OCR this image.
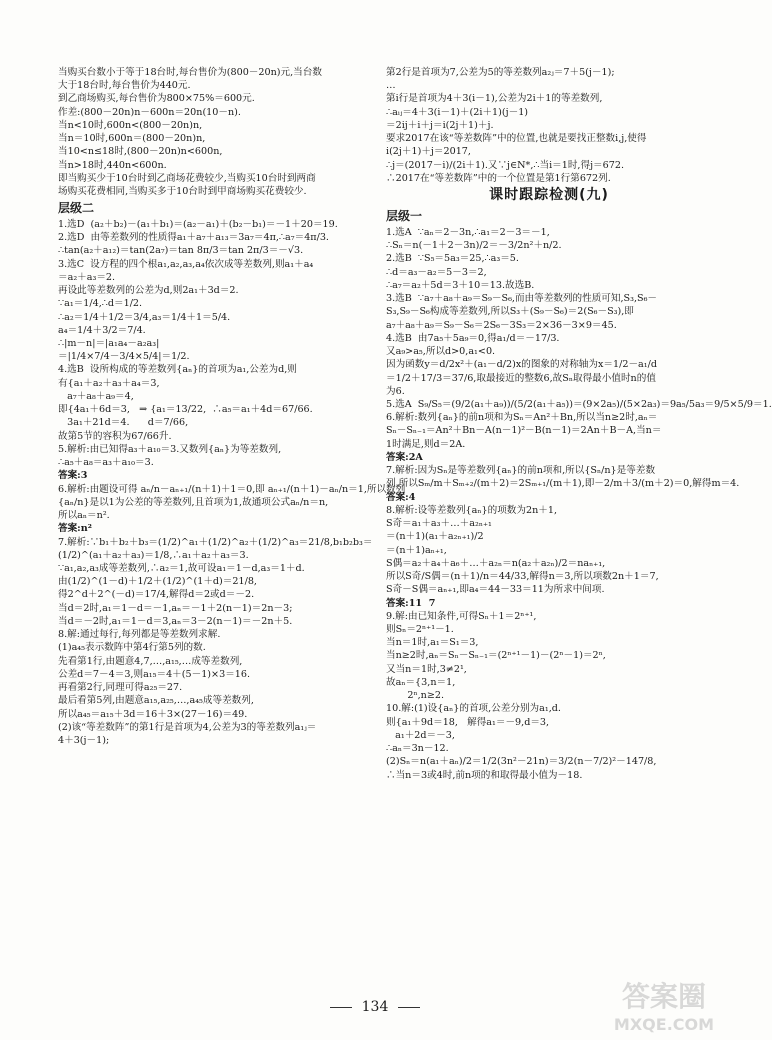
当购买台数小于等于18台时,每台售价为(800－20n)元,当台数
大于18台时,每台售价为440元.
到乙商场购买,每台售价为800×75%＝600元.
作差:(800－20n)n－600n＝20n(10－n).
当n<10时,600n<(800－20n)n,
当n＝10时,600n＝(800－20n)n,
当10<n≤18时,(800－20n)n<600n,
当n>18时,440n<600n.
即当购买少于10台时到乙商场花费较少,当购买10台时到两商
场购买花费相同,当购买多于10台时到甲商场购买花费较少.
层级二
1.选D  (a₂＋b₂)－(a₁＋b₁)＝(a₂－a₁)＋(b₂－b₁)＝－1＋20＝19.
2.选D  由等差数列的性质得a₁＋a₇＋a₁₃＝3a₇＝4π,∴a₇＝4π/3.
∴tan(a₂＋a₁₂)＝tan(2a₇)＝tan 8π/3＝tan 2π/3＝－√3.
3.选C  设方程的四个根a₁,a₂,a₃,a₄依次成等差数列,则a₁＋a₄
＝a₂＋a₃＝2.
再设此等差数列的公差为d,则2a₁＋3d＝2.
∵a₁＝1/4,∴d＝1/2.
∴a₂＝1/4＋1/2＝3/4,a₃＝1/4＋1＝5/4.
a₄＝1/4＋3/2＝7/4.
∴|m－n|＝|a₁a₄－a₂a₃|
＝|1/4×7/4－3/4×5/4|＝1/2.
4.选B  设所构成的等差数列{aₙ}的首项为a₁,公差为d,则
有{a₁＋a₂＋a₃＋a₄＝3,
a₇＋a₈＋a₉＝4,
即{4a₁＋6d＝3,   ⇒ {a₁＝13/22,  ∴a₅＝a₁＋4d＝67/66.
3a₁＋21d＝4.      d＝7/66,
故第5节的容积为67/66升.
5.解析:由已知得a₃＋a₁₀＝3.又数列{aₙ}为等差数列,
∴a₅＋a₈＝a₃＋a₁₀＝3.
答案:3
6.解析:由题设可得 aₙ/n－aₙ₊₁/(n＋1)＋1＝0,即 aₙ₊₁/(n＋1)－aₙ/n＝1,所以数列
{aₙ/n}是以1为公差的等差数列,且首项为1,故通项公式aₙ/n＝n,
所以aₙ＝n².
答案:n²
7.解析:∵b₁＋b₂＋b₃＝(1/2)^a₁＋(1/2)^a₂＋(1/2)^a₃＝21/8,b₁b₂b₃＝
(1/2)^(a₁＋a₂＋a₃)＝1/8,∴a₁＋a₂＋a₃＝3.
∵a₁,a₂,a₃成等差数列,∴a₂＝1,故可设a₁＝1－d,a₃＝1＋d.
由(1/2)^(1－d)＋1/2＋(1/2)^(1＋d)＝21/8,
得2^d＋2^(－d)＝17/4,解得d＝2或d＝－2.
当d＝2时,a₁＝1－d＝－1,aₙ＝－1＋2(n－1)＝2n－3;
当d＝－2时,a₁＝1－d＝3,aₙ＝3－2(n－1)＝－2n＋5.
8.解:通过每行,每列都是等差数列求解.
(1)a₄₅表示数阵中第4行第5列的数.
先看第1行,由题意4,7,…,a₁₅,…成等差数列,
公差d＝7－4＝3,则a₁₅＝4＋(5－1)×3＝16.
再看第2行,同理可得a₂₅＝27.
最后看第5列,由题意a₁₅,a₂₅,…,a₄₅成等差数列,
所以a₄₅＝a₁₅＋3d＝16＋3×(27－16)＝49.
(2)该“等差数阵”的第1行是首项为4,公差为3的等差数列a₁ⱼ＝
4＋3(j－1);
第2行是首项为7,公差为5的等差数列a₂ⱼ＝7＋5(j－1);
…
第i行是首项为4＋3(i－1),公差为2i＋1的等差数列,
∴aᵢⱼ＝4＋3(i－1)＋(2i＋1)(j－1)
＝2ij＋i＋j＝i(2j＋1)＋j.
要求2017在该“等差数阵”中的位置,也就是要找正整数i,j,使得
i(2j＋1)＋j＝2017,
∴j＝(2017－i)/(2i＋1).又∵j∈N*,∴当i＝1时,得j＝672.
∴2017在“等差数阵”中的一个位置是第1行第672列.
课时跟踪检测(九)
层级一
1.选A  ∵aₙ＝2－3n,∴a₁＝2－3＝－1,
∴Sₙ＝n(－1＋2－3n)/2＝－3/2n²＋n/2.
2.选B  ∵S₅＝5a₃＝25,∴a₃＝5.
∴d＝a₃－a₂＝5－3＝2,
∴a₇＝a₂＋5d＝3＋10＝13.故选B.
3.选B  ∵a₇＋a₈＋a₉＝S₉－S₆,而由等差数列的性质可知,S₃,S₆－
S₃,S₉－S₆构成等差数列,所以S₃＋(S₉－S₆)＝2(S₆－S₃),即
a₇＋a₈＋a₉＝S₉－S₆＝2S₆－3S₃＝2×36－3×9＝45.
4.选B  由7a₅＋5a₉＝0,得a₁/d＝－17/3.
又a₉>a₅,所以d>0,a₁<0.
因为函数y＝d/2x²＋(a₁－d/2)x的图象的对称轴为x＝1/2－a₁/d
＝1/2＋17/3＝37/6,取最接近的整数6,故Sₙ取得最小值时n的值
为6.
5.选A  S₉/S₅＝(9/2(a₁＋a₉))/(5/2(a₁＋a₅))＝(9×2a₅)/(5×2a₃)＝9a₅/5a₃＝9/5×5/9＝1.
6.解析:数列{aₙ}的前n项和为Sₙ＝An²＋Bn,所以当n≥2时,aₙ＝
Sₙ－Sₙ₋₁＝An²＋Bn－A(n－1)²－B(n－1)＝2An＋B－A,当n＝
1时满足,则d＝2A.
答案:2A
7.解析:因为Sₙ是等差数列{aₙ}的前n项和,所以{Sₙ/n}是等差数
列,所以Sₘ/m＋Sₘ₊₂/(m＋2)＝2Sₘ₊₁/(m＋1),即－2/m＋3/(m＋2)＝0,解得m＝4.
答案:4
8.解析:设等差数列{aₙ}的项数为2n＋1,
S奇＝a₁＋a₃＋…＋a₂ₙ₊₁
＝(n＋1)(a₁＋a₂ₙ₊₁)/2
＝(n＋1)aₙ₊₁,
S偶＝a₂＋a₄＋a₆＋…＋a₂ₙ＝n(a₂＋a₂ₙ)/2＝naₙ₊₁,
所以S奇/S偶＝(n＋1)/n＝44/33,解得n＝3,所以项数2n＋1＝7,
S奇－S偶＝aₙ₊₁,即a₄＝44－33＝11为所求中间项.
答案:11  7
9.解:由已知条件,可得Sₙ＋1＝2ⁿ⁺¹,
则Sₙ＝2ⁿ⁺¹－1.
当n＝1时,a₁＝S₁＝3,
当n≥2时,aₙ＝Sₙ－Sₙ₋₁＝(2ⁿ⁺¹－1)－(2ⁿ－1)＝2ⁿ,
又当n＝1时,3≠2¹,
故aₙ＝{3,n＝1,
2ⁿ,n≥2.
10.解:(1)设{aₙ}的首项,公差分别为a₁,d.
则{a₁＋9d＝18,   解得a₁＝－9,d＝3,
a₁＋2d＝－3,
∴aₙ＝3n－12.
(2)Sₙ＝n(a₁＋aₙ)/2＝1/2(3n²－21n)＝3/2(n－7/2)²－147/8,
∴当n＝3或4时,前n项的和取得最小值为－18.
134	答案圈
MXQE.COM
